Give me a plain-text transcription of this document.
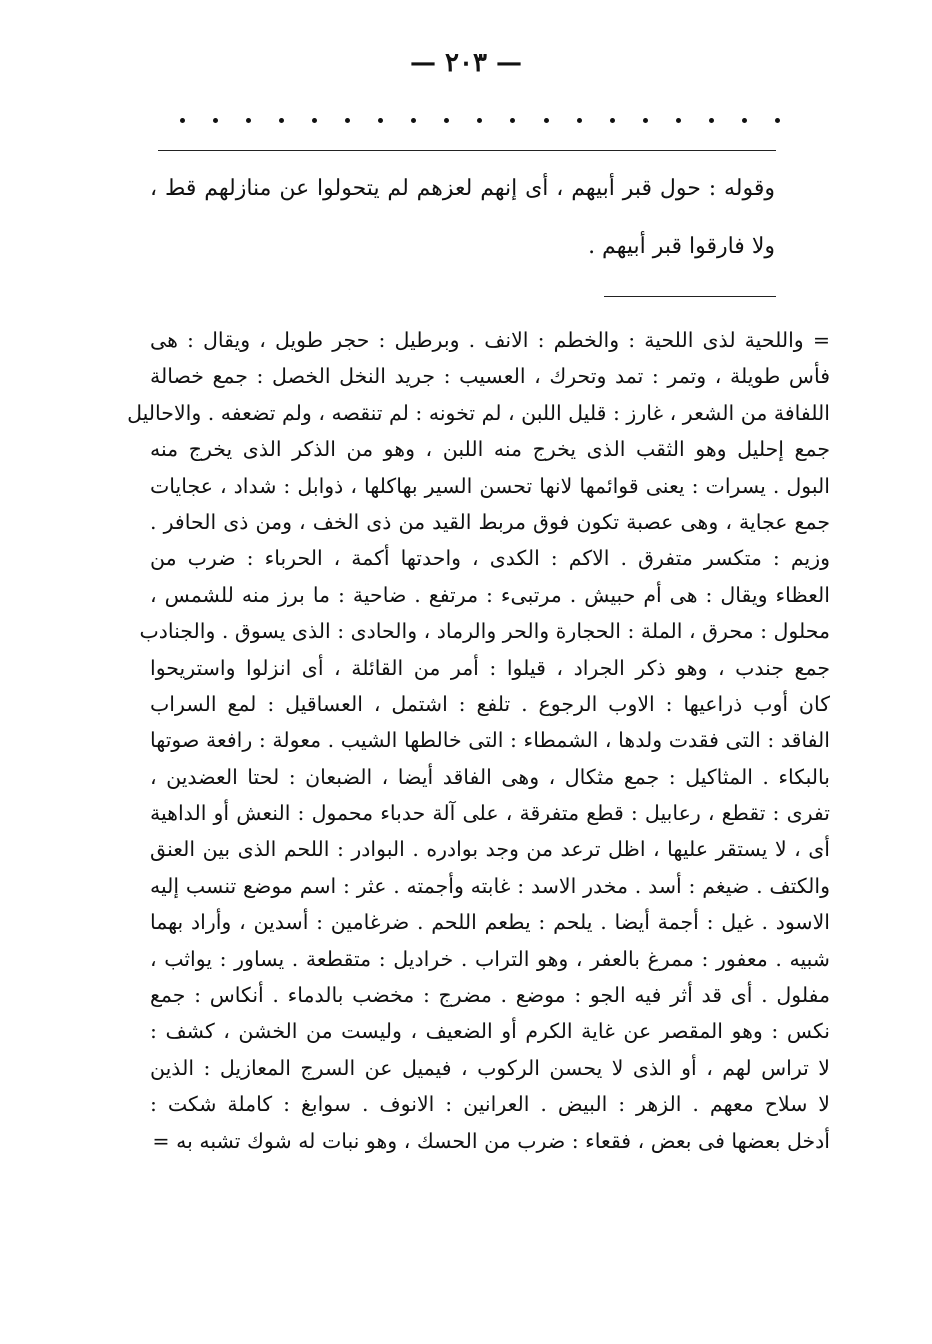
— ٢٠٣ —
وقوله : حول قبر أبيهم ، أى إنهم لعزهم لم يتحولوا عن منازلهم قط ، ولا فارقوا قبر أبيهم .
= واللحية لذى اللحية : والخطم : الانف . وبرطيل : حجر طويل ، ويقال : هى
فأس طويلة ، وتمر : تمد وتحرك ، العسيب : جريد النخل الخصل : جمع خصالة
اللفافة من الشعر ، غارز : قليل اللبن ، لم تخونه : لم تنقصه ، ولم تضعفه . والاحاليل
جمع إحليل وهو الثقب الذى يخرج منه اللبن ، وهو من الذكر الذى يخرج منه
البول . يسرات : يعنى قوائمها لانها تحسن السير بهاكلها ، ذوابل : شداد ، عجايات
جمع عجاية ، وهى عصبة تكون فوق مربط القيد من ذى الخف ، ومن ذى الحافر .
وزيم : متكسر متفرق . الاكم : الكدى ، واحدتها أكمة ، الحرباء : ضرب من
العظاء ويقال : هى أم حبيش . مرتبىء : مرتفع . ضاحية : ما برز منه للشمس ،
محلول : محرق ، الملة : الحجارة والحر والرماد ، والحادى : الذى يسوق . والجنادب
جمع جندب ، وهو ذكر الجراد ، قيلوا : أمر من القائلة ، أى انزلوا واستريحوا
كان أوب ذراعيها : الاوب الرجوع . تلفع : اشتمل ، العساقيل : لمع السراب
الفاقد : التى فقدت ولدها ، الشمطاء : التى خالطها الشيب . معولة : رافعة صوتها
بالبكاء . المثاكيل : جمع مثكال ، وهى الفاقد أيضا ، الضبعان : لحتا العضدين ،
تفرى : تقطع ، رعابيل : قطع متفرقة ، على آلة حدباء محمول : النعش أو الداهية
أى ، لا يستقر عليها ، اظل ترعد من وجد بوادره . البوادر : اللحم الذى بين العنق
والكتف . ضيغم : أسد . مخدر الاسد : غابته وأجمته . عثر : اسم موضع تنسب إليه
الاسود . غيل : أجمة أيضا . يلحم : يطعم اللحم . ضرغامين : أسدين ، وأراد بهما
شبيه . معفور : ممرغ بالعفر ، وهو التراب . خراديل : متقطعة . يساور : يواثب ،
مفلول . أى قد أثر فيه الجو : موضع . مضرج : مخضب بالدماء . أنكاس : جمع
نكس : وهو المقصر عن غاية الكرم أو الضعيف ، وليست من الخشن ، كشف :
لا تراس لهم ، أو الذى لا يحسن الركوب ، فيميل عن السرج المعازيل : الذين
لا سلاح معهم . الزهر : البيض . العرانين : الانوف . سوابغ : كاملة شكت :
أدخل بعضها فى بعض ، فقعاء : ضرب من الحسك ، وهو نبات له شوك تشبه به =
